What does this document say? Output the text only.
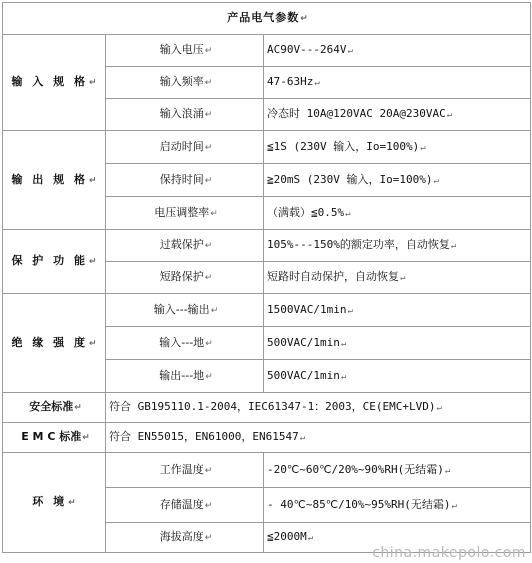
产品电气参数↵		
输 入 规 格↵	输入电压↵	AC90V---264V↵
	输入频率↵	47-63Hz↵
	输入浪涌↵	冷态时 10A@120VAC 20A@230VAC↵
输 出 规 格↵	启动时间↵	≦1S (230V 输入，Io=100%)↵
	保持时间↵	≧20mS (230V 输入，Io=100%)↵
	电压调整率↵	（满载）≦0.5%↵
保 护 功 能↵	过载保护↵	105%---150%的额定功率，自动恢复↵
	短路保护↵	短路时自动保护，自动恢复↵
绝 缘 强 度↵	输入---输出↵	1500VAC/1min↵
	输入---地↵	500VAC/1min↵
	输出---地↵	500VAC/1min↵
安全标准↵	符合 GB195110.1-2004，IEC61347-1：2003，CE(EMC+LVD)↵	
E M C 标准↵	符合 EN55015，EN61000，EN61547↵	
环 境↵	工作温度↵	-20℃~60℃/20%~90%RH(无结霜)↵
	存储温度↵	- 40℃~85℃/10%~95%RH(无结霜)↵
	海拔高度↵	≦2000M↵
china.makepolo.com
